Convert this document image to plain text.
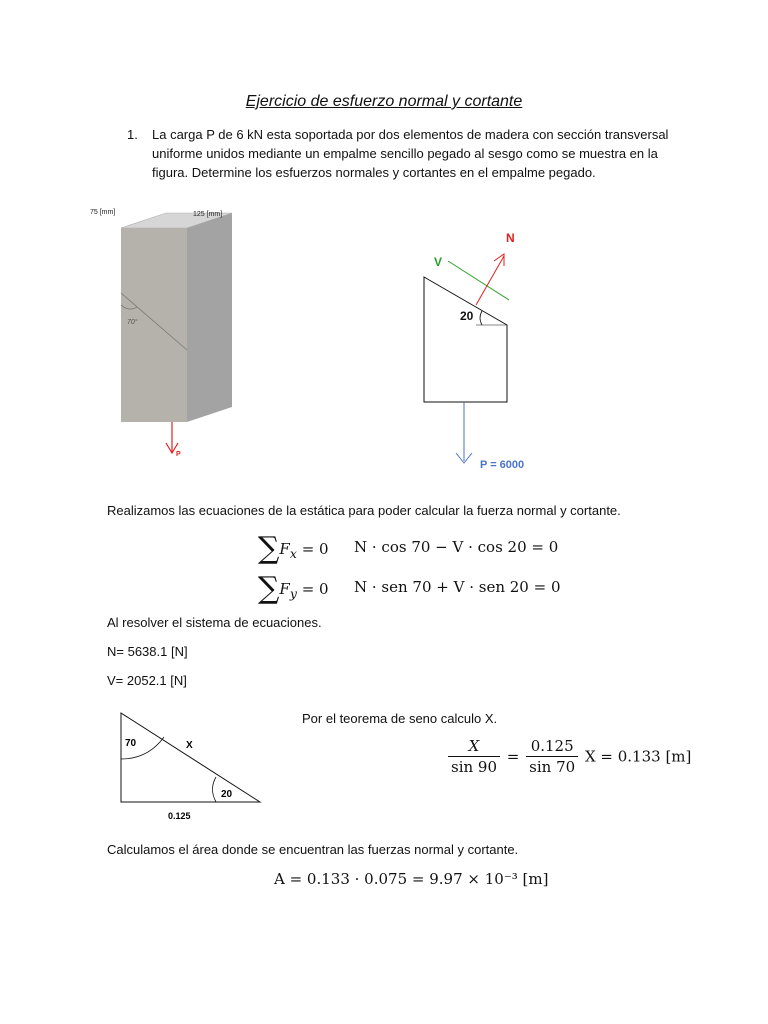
Ejercicio de esfuerzo normal y cortante
1. La carga P de 6 kN esta soportada por dos elementos de madera con sección transversal
uniforme unidos mediante un empalme sencillo pegado al sesgo como se muestra en la
figura. Determine los esfuerzos normales y cortantes en el empalme pegado.
70°
75 [mm]	125 [mm]
P
V
N
20
P = 6000
Realizamos las ecuaciones de la estática para poder calcular la fuerza normal y cortante.
$\sum F_x = 0$ N · cos 70 − V · cos 20 = 0
$\sum F_y = 0$ N · sen 70 + V · sen 20 = 0
Al resolver el sistema de ecuaciones.
N= 5638.1 [N]
V= 2052.1 [N]
70	X
20
0.125
Por el teorema de seno calculo X.
$\frac{X}{\sin 90} = \frac{0.125}{\sin 70}$ X = 0.133 [m]
Calculamos el área donde se encuentran las fuerzas normal y cortante.
A = 0.133 · 0.075 = 9.97 × 10⁻³ [m]
